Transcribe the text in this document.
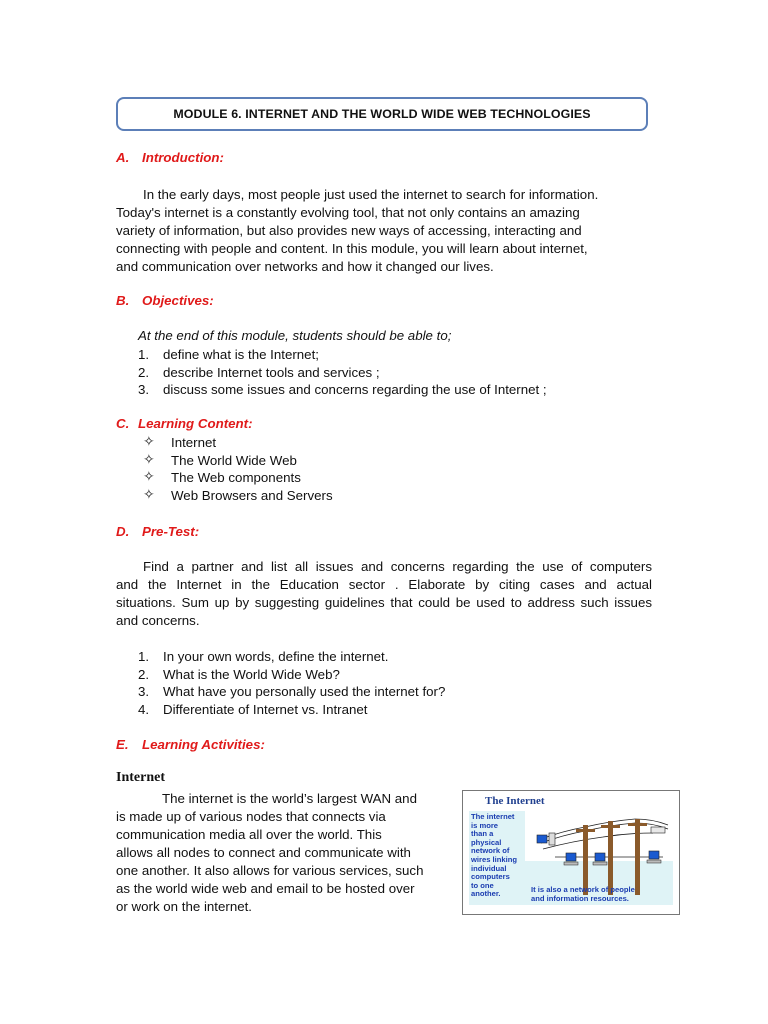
MODULE 6. INTERNET AND THE WORLD WIDE WEB TECHNOLOGIES
A. Introduction:

In the early days, most people just used the internet to search for information.

Today's internet is a constantly evolving tool, that not only contains an amazing

variety of information, but also provides new ways of accessing, interacting and

connecting with people and content. In this module, you will learn about internet,

and communication over networks and how it changed our lives.

B. Objectives:
At the end of this module, students should be able to;
1. define what is the Internet;
2. describe Internet tools and services ;
3. discuss some issues and concerns regarding the use of Internet ;
C. Learning Content:
✧ Internet
✧ The World Wide Web
✧ The Web components
✧ Web Browsers and Servers
D. Pre-Test:

Find a partner and list all issues and concerns regarding the use of computers

and the Internet in the Education sector . Elaborate by citing cases and actual

situations. Sum up by suggesting guidelines that could be used to address such issues

and concerns.

1. In your own words, define the internet.
2. What is the World Wide Web?
3. What have you personally used the internet for?
4. Differentiate of Internet vs. Intranet
E. Learning Activities:
Internet

The internet is the world’s largest WAN and

is made up of various nodes that connects via

communication media all over the world. This

allows all nodes to connect and communicate with

one another. It also allows for various services, such

as the world wide web and email to be hosted over

or work on the internet.

The Internet
The internet
is more
than a
physical
network of
wires linking
individual
computers
to one
another.	It is also a network of people
and information resources.
